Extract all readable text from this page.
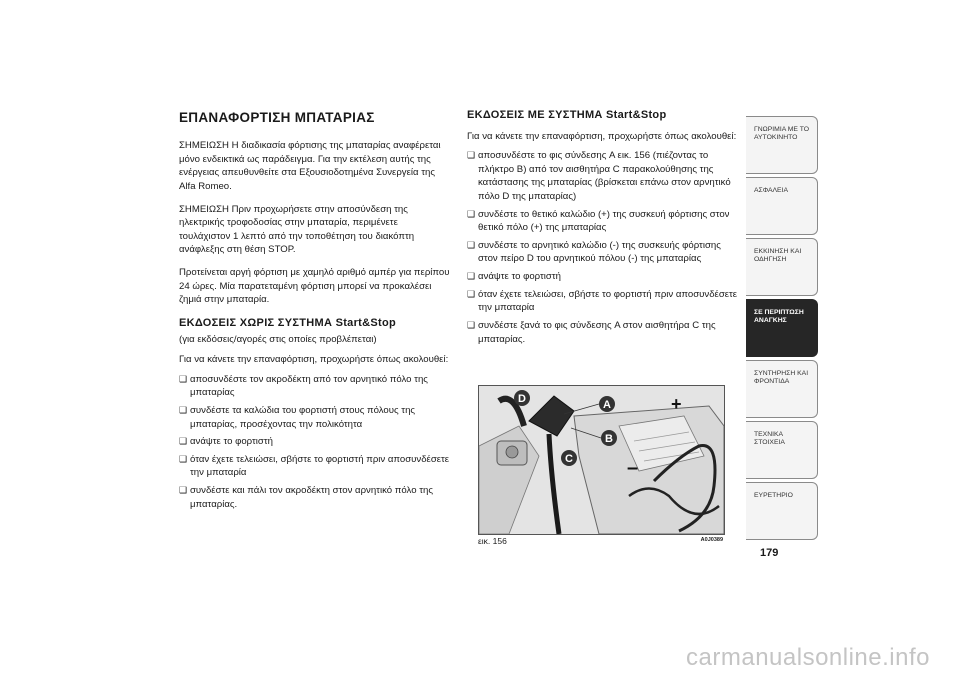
ΕΠΑΝΑΦΟΡΤΙΣΗ ΜΠΑΤΑΡΙΑΣ

ΣΗΜΕΙΩΣΗ Η διαδικασία φόρτισης της μπαταρίας αναφέρεται μόνο ενδεικτικά ως παράδειγμα. Για την εκτέλεση αυτής της ενέργειας απευθυνθείτε στα Εξουσιοδοτημένα Συνεργεία της Alfa Romeo.

ΣΗΜΕΙΩΣΗ Πριν προχωρήσετε στην αποσύνδεση της ηλεκτρικής τροφοδοσίας στην μπαταρία, περιμένετε τουλάχιστον 1 λεπτό από την τοποθέτηση του διακόπτη ανάφλεξης στη θέση STOP.

Προτείνεται αργή φόρτιση με χαμηλό αριθμό αμπέρ για περίπου 24 ώρες. Μία παρατεταμένη φόρτιση μπορεί να προκαλέσει ζημιά στην μπαταρία.

ΕΚΔΟΣΕΙΣ ΧΩΡΙΣ ΣΥΣΤΗΜΑ Start&Stop

(για εκδόσεις/αγορές στις οποίες προβλέπεται)

Για να κάνετε την επαναφόρτιση, προχωρήστε όπως ακολουθεί:

❑ αποσυνδέστε τον ακροδέκτη από τον αρνητικό πόλο της μπαταρίας
❑ συνδέστε τα καλώδια του φορτιστή στους πόλους της μπαταρίας, προσέχοντας την πολικότητα
❑ ανάψτε το φορτιστή
❑ όταν έχετε τελειώσει, σβήστε το φορτιστή πριν αποσυνδέσετε την μπαταρία
❑ συνδέστε και πάλι τον ακροδέκτη στον αρνητικό πόλο της μπαταρίας.
ΕΚΔΟΣΕΙΣ ΜΕ ΣΥΣΤΗΜΑ Start&Stop

Για να κάνετε την επαναφόρτιση, προχωρήστε όπως ακολουθεί:

❑ αποσυνδέστε το φις σύνδεσης A εικ. 156 (πιέζοντας το πλήκτρο B) από τον αισθητήρα C παρακολούθησης της κατάστασης της μπαταρίας (βρίσκεται επάνω στον αρνητικό πόλο D της μπαταρίας)
❑ συνδέστε το θετικό καλώδιο (+) της συσκευή φόρτισης στον θετικό πόλο (+) της μπαταρίας
❑ συνδέστε το αρνητικό καλώδιο (-) της συσκευής φόρτισης στον πείρο D του αρνητικού πόλου (-) της μπαταρίας
❑ ανάψτε το φορτιστή
❑ όταν έχετε τελειώσει, σβήστε το φορτιστή πριν αποσυνδέσετε την μπαταρία
❑ συνδέστε ξανά το φις σύνδεσης A στον αισθητήρα C της μπαταρίας.
+
–
D	A
B
C
εικ. 156	A0J0389
ΓΝΩΡΙΜΙΑ ΜΕ ΤΟ ΑΥΤΟΚΙΝΗΤΟ
ΑΣΦΑΛΕΙΑ
ΕΚΚΙΝΗΣΗ ΚΑΙ ΟΔΗΓΗΣΗ
ΣΕ ΠΕΡΙΠΤΩΣΗ ΑΝΑΓΚΗΣ
ΣΥΝΤΗΡΗΣΗ ΚΑΙ ΦΡΟΝΤΙΔΑ
ΤΕΧΝΙΚΑ ΣΤΟΙΧΕΙΑ
ΕΥΡΕΤΗΡΙΟ
179
carmanualsonline.info
